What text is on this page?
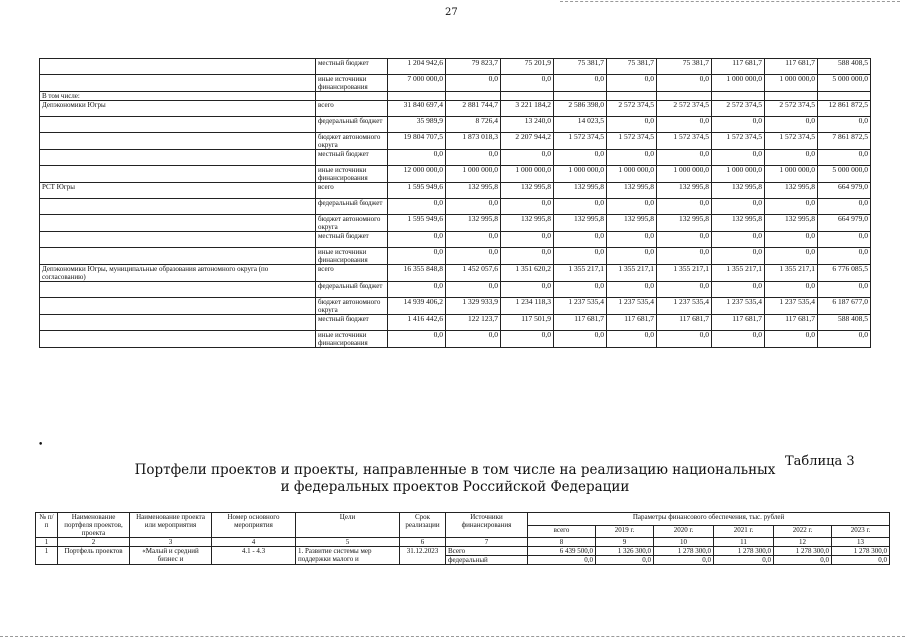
27
	местный бюджет	1 204 942,6	79 823,7	75 201,9	75 381,7	75 381,7	75 381,7	117 681,7	117 681,7	588 408,5
	иные источники финансирования	7 000 000,0	0,0	0,0	0,0	0,0	0,0	1 000 000,0	1 000 000,0	5 000 000,0
В том числе:										
Депэкономики Югры	всего	31 840 697,4	2 881 744,7	3 221 184,2	2 586 398,0	2 572 374,5	2 572 374,5	2 572 374,5	2 572 374,5	12 861 872,5
	федеральный бюджет	35 989,9	8 726,4	13 240,0	14 023,5	0,0	0,0	0,0	0,0	0,0
	бюджет автономного округа	19 804 707,5	1 873 018,3	2 207 944,2	1 572 374,5	1 572 374,5	1 572 374,5	1 572 374,5	1 572 374,5	7 861 872,5
	местный бюджет	0,0	0,0	0,0	0,0	0,0	0,0	0,0	0,0	0,0
	иные источники финансирования	12 000 000,0	1 000 000,0	1 000 000,0	1 000 000,0	1 000 000,0	1 000 000,0	1 000 000,0	1 000 000,0	5 000 000,0
РСТ Югры	всего	1 595 949,6	132 995,8	132 995,8	132 995,8	132 995,8	132 995,8	132 995,8	132 995,8	664 979,0
	федеральный бюджет	0,0	0,0	0,0	0,0	0,0	0,0	0,0	0,0	0,0
	бюджет автономного округа	1 595 949,6	132 995,8	132 995,8	132 995,8	132 995,8	132 995,8	132 995,8	132 995,8	664 979,0
	местный бюджет	0,0	0,0	0,0	0,0	0,0	0,0	0,0	0,0	0,0
	иные источники финансирования	0,0	0,0	0,0	0,0	0,0	0,0	0,0	0,0	0,0
Депэкономики Югры, муниципальные образования автономного округа (по согласованию)	всего	16 355 848,8	1 452 057,6	1 351 620,2	1 355 217,1	1 355 217,1	1 355 217,1	1 355 217,1	1 355 217,1	6 776 085,5
	федеральный бюджет	0,0	0,0	0,0	0,0	0,0	0,0	0,0	0,0	0,0
	бюджет автономного округа	14 939 406,2	1 329 933,9	1 234 118,3	1 237 535,4	1 237 535,4	1 237 535,4	1 237 535,4	1 237 535,4	6 187 677,0
	местный бюджет	1 416 442,6	122 123,7	117 501,9	117 681,7	117 681,7	117 681,7	117 681,7	117 681,7	588 408,5
	иные источники финансирования	0,0	0,0	0,0	0,0	0,0	0,0	0,0	0,0	0,0
•
Таблица 3
Портфели проектов и проекты, направленные в том числе на реализацию национальных
и федеральных проектов Российской Федерации
№ п/п	Наименование портфеля проектов, проекта	Наименование проекта или мероприятия	Номер основного мероприятия	Цели	Срок реализации	Источники финансирования	Параметры финансового обеспечения, тыс. рублей					
							всего	2019 г.	2020 г.	2021 г.	2022 г.	2023 г.
1	2	3	4	5	6	7	8	9	10	11	12	13
1	Портфель проектов	«Малый и средний бизнес и	4.1 - 4.3	1. Развитие системы мер поддержки малого и	31.12.2023	Всего	6 439 500,0	1 326 300,0	1 278 300,0	1 278 300,0	1 278 300,0	1 278 300,0
						федеральный	0,0	0,0	0,0	0,0	0,0	0,0
